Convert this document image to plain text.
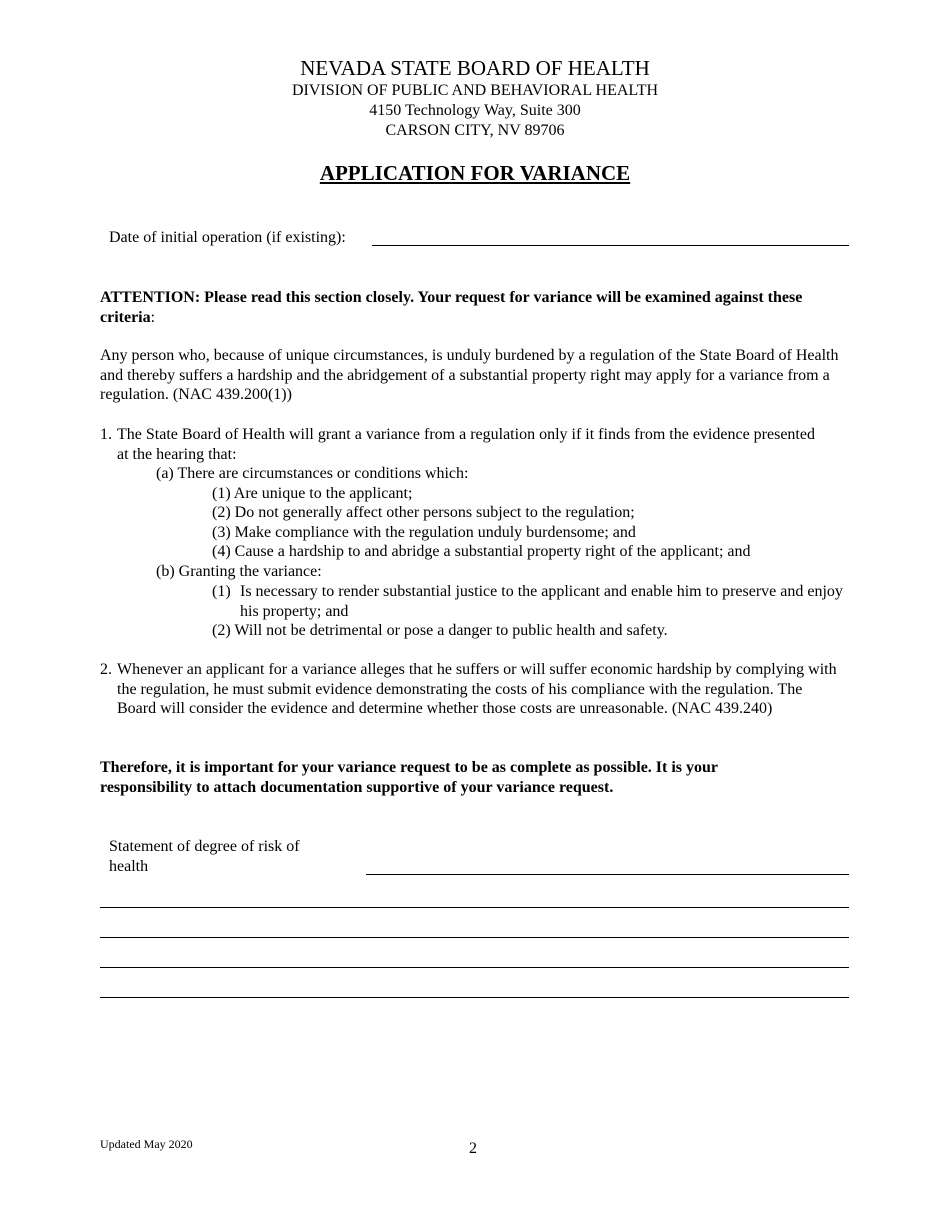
NEVADA STATE BOARD OF HEALTH
DIVISION OF PUBLIC AND BEHAVIORAL HEALTH
4150 Technology Way, Suite 300
CARSON CITY, NV 89706
APPLICATION FOR VARIANCE
Date of initial operation (if existing):
ATTENTION: Please read this section closely. Your request for variance will be examined against these criteria:
Any person who, because of unique circumstances, is unduly burdened by a regulation of the State Board of Health and thereby suffers a hardship and the abridgement of a substantial property right may apply for a variance from a regulation. (NAC 439.200(1))
1. The State Board of Health will grant a variance from a regulation only if it finds from the evidence presented at the hearing that:
(a) There are circumstances or conditions which:
(1) Are unique to the applicant;
(2) Do not generally affect other persons subject to the regulation;
(3) Make compliance with the regulation unduly burdensome; and
(4) Cause a hardship to and abridge a substantial property right of the applicant; and
(b) Granting the variance:
(1) Is necessary to render substantial justice to the applicant and enable him to preserve and enjoy his property; and
(2) Will not be detrimental or pose a danger to public health and safety.
2. Whenever an applicant for a variance alleges that he suffers or will suffer economic hardship by complying with the regulation, he must submit evidence demonstrating the costs of his compliance with the regulation. The Board will consider the evidence and determine whether those costs are unreasonable. (NAC 439.240)
Therefore, it is important for your variance request to be as complete as possible. It is your responsibility to attach documentation supportive of your variance request.
Statement of degree of risk of health
Updated May 2020	2
